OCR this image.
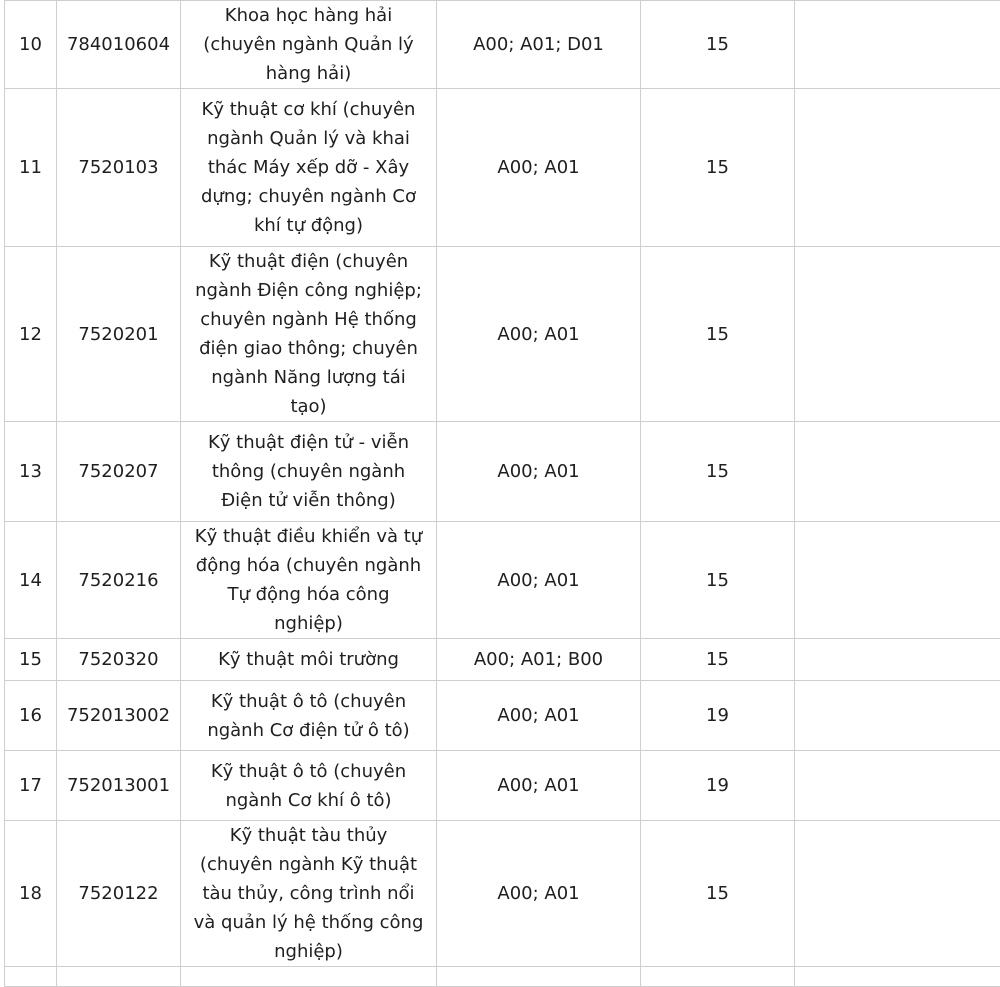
10	784010604	Khoa học hàng hải (chuyên ngành Quản lý hàng hải)	A00; A01; D01	15	
11	7520103	Kỹ thuật cơ khí (chuyên ngành Quản lý và khai thác Máy xếp dỡ - Xây dựng; chuyên ngành Cơ khí tự động)	A00; A01	15	
12	7520201	Kỹ thuật điện (chuyên ngành Điện công nghiệp; chuyên ngành Hệ thống điện giao thông; chuyên ngành Năng lượng tái tạo)	A00; A01	15	
13	7520207	Kỹ thuật điện tử - viễn thông (chuyên ngành Điện tử viễn thông)	A00; A01	15	
14	7520216	Kỹ thuật điều khiển và tự động hóa (chuyên ngành Tự động hóa công nghiệp)	A00; A01	15	
15	7520320	Kỹ thuật môi trường	A00; A01; B00	15	
16	752013002	Kỹ thuật ô tô (chuyên ngành Cơ điện tử ô tô)	A00; A01	19	
17	752013001	Kỹ thuật ô tô (chuyên ngành Cơ khí ô tô)	A00; A01	19	
18	7520122	Kỹ thuật tàu thủy (chuyên ngành Kỹ thuật tàu thủy, công trình nổi và quản lý hệ thống công nghiệp)	A00; A01	15	
